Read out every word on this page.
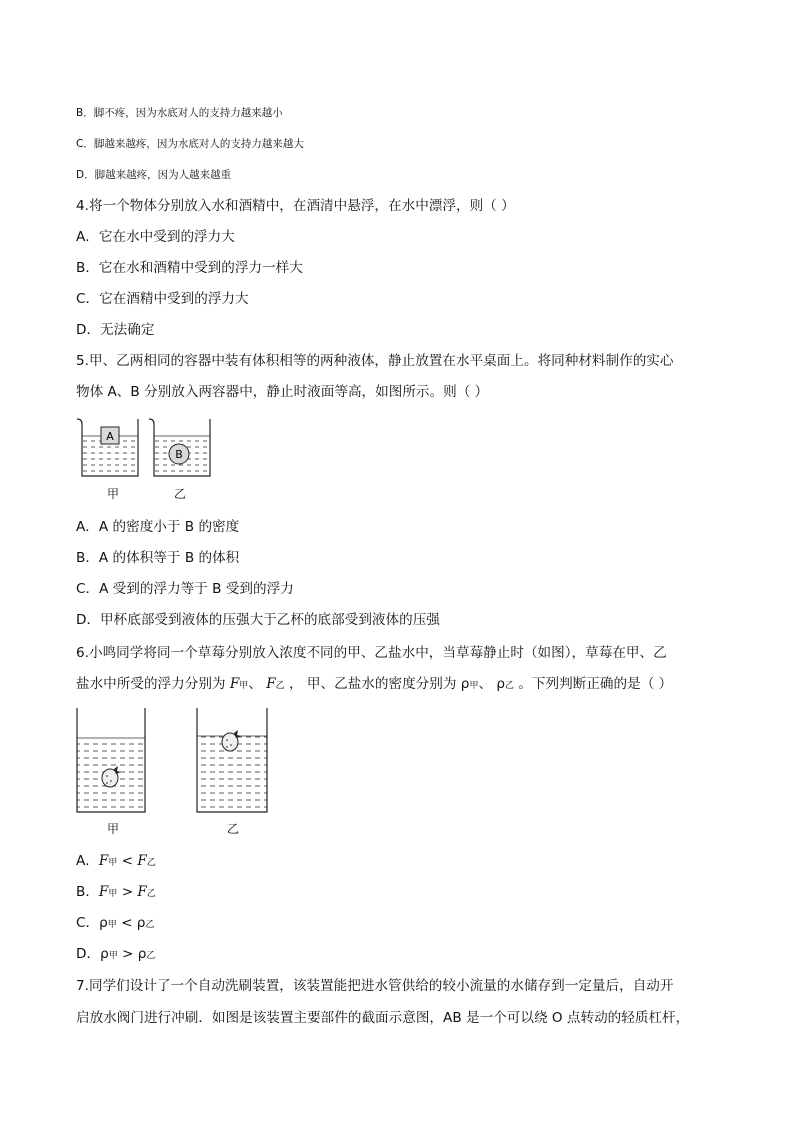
B．脚不疼，因为水底对人的支持力越来越小
C．脚越来越疼，因为水底对人的支持力越来越大
D．脚越来越疼，因为人越来越重
4.将一个物体分别放入水和酒精中，在酒清中悬浮，在水中漂浮，则（ ）
A．它在水中受到的浮力大
B．它在水和酒精中受到的浮力一样大
C．它在酒精中受到的浮力大
D．无法确定
5.甲、乙两相同的容器中装有体积相等的两种液体，静止放置在水平桌面上。将同种材料制作的实心
物体 A、B 分别放入两容器中，静止时液面等高，如图所示。则（ ）
A
B
甲	乙
A．A 的密度小于 B 的密度
B．A 的体积等于 B 的体积
C．A 受到的浮力等于 B 受到的浮力
D．甲杯底部受到液体的压强大于乙杯的底部受到液体的压强
6.小鸣同学将同一个草莓分别放入浓度不同的甲、乙盐水中，当草莓静止时（如图），草莓在甲、乙
盐水中所受的浮力分别为 F甲、 F乙 ， 甲、乙盐水的密度分别为 ρ甲、 ρ乙 。下列判断正确的是（ ）
甲	乙
A．F甲 < F乙
B．F甲 > F乙
C．ρ甲 < ρ乙
D．ρ甲 > ρ乙
7.同学们设计了一个自动洗刷装置，该装置能把进水管供给的较小流量的水储存到一定量后，自动开
启放水阀门进行冲刷．如图是该装置主要部件的截面示意图，AB 是一个可以绕 O 点转动的轻质杠杆，
